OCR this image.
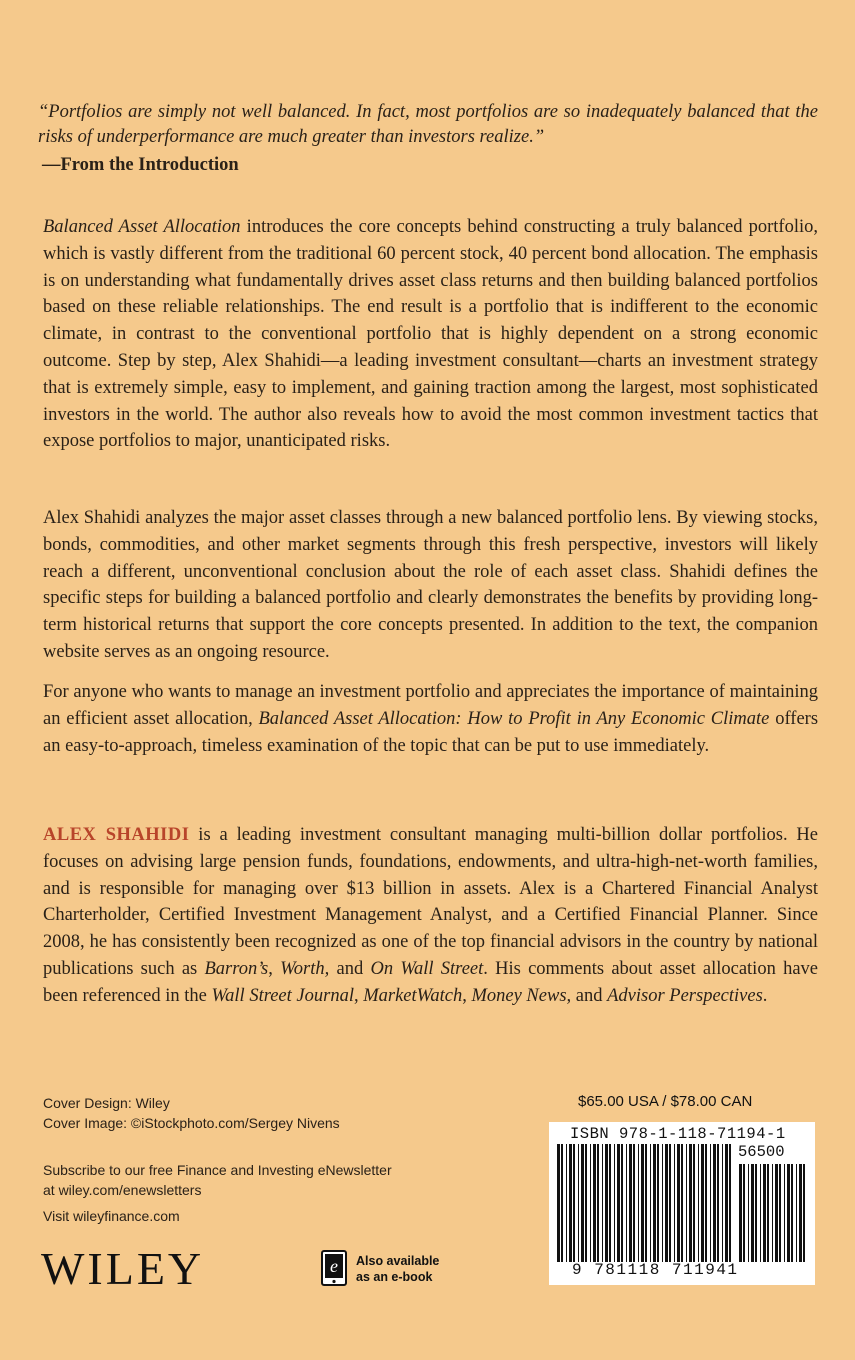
“Portfolios are simply not well balanced. In fact, most portfolios are so inadequately balanced that the risks of underperformance are much greater than investors realize.”
—From the Introduction

Balanced Asset Allocation introduces the core concepts behind constructing a truly balanced portfolio, which is vastly different from the traditional 60 percent stock, 40 percent bond allocation. The emphasis is on understanding what fundamentally drives asset class returns and then building balanced portfolios based on these reliable relationships. The end result is a portfolio that is indifferent to the economic climate, in contrast to the conventional portfolio that is highly dependent on a strong economic outcome. Step by step, Alex Shahidi—a leading investment consultant—charts an investment strategy that is extremely simple, easy to implement, and gaining traction among the largest, most sophisticated investors in the world. The author also reveals how to avoid the most common investment tactics that expose portfolios to major, unanticipated risks.

Alex Shahidi analyzes the major asset classes through a new balanced portfolio lens. By viewing stocks, bonds, commodities, and other market segments through this fresh perspective, investors will likely reach a different, unconventional conclusion about the role of each asset class. Shahidi defines the specific steps for building a balanced portfolio and clearly demonstrates the benefits by providing long-term historical returns that support the core concepts presented. In addition to the text, the companion website serves as an ongoing resource.

For anyone who wants to manage an investment portfolio and appreciates the importance of maintaining an efficient asset allocation, Balanced Asset Allocation: How to Profit in Any Economic Climate offers an easy-to-approach, timeless examination of the topic that can be put to use immediately.

ALEX SHAHIDI is a leading investment consultant managing multi-billion dollar portfolios. He focuses on advising large pension funds, foundations, endowments, and ultra-high-net-worth families, and is responsible for managing over $13 billion in assets. Alex is a Chartered Financial Analyst Charterholder, Certified Investment Management Analyst, and a Certified Financial Planner. Since 2008, he has consistently been recognized as one of the top financial advisors in the country by national publications such as Barron’s, Worth, and On Wall Street. His comments about asset allocation have been referenced in the Wall Street Journal, MarketWatch, Money News, and Advisor Perspectives.

Cover Design: Wiley
Cover Image: ©iStockphoto.com/Sergey Nivens
Subscribe to our free Finance and Investing eNewsletter
at wiley.com/enewsletters
Visit wileyfinance.com
WILEY	e Also available
as an e-book
$65.00 USA / $78.00 CAN
ISBN 978-1-118-71194-1
56500
9 781118 711941
